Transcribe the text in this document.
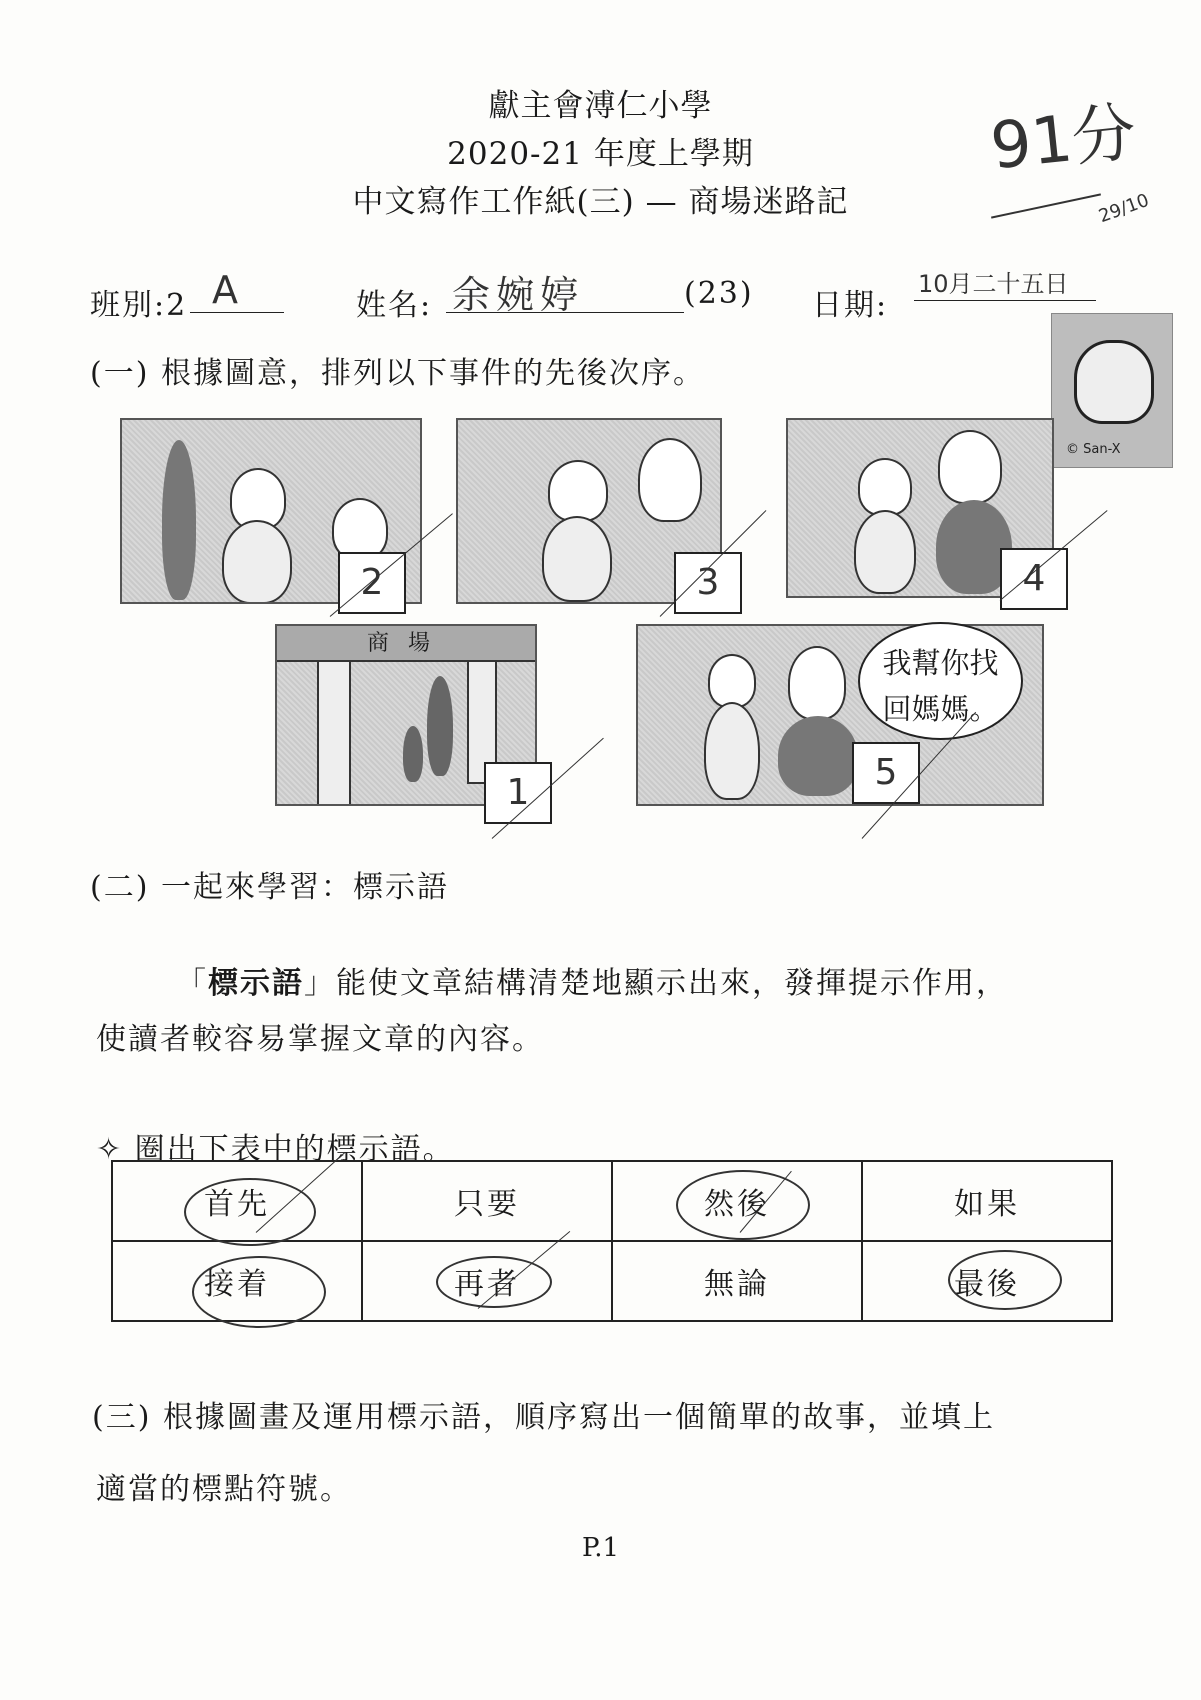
獻主會溥仁小學
2020-21 年度上學期
中文寫作工作紙(三) — 商場迷路記
91分
29/10
班別:2 A	姓名: 余婉婷	(23) 日期:
10月二十五日
© San-X
(一) 根據圖意，排列以下事件的先後次序。
2	3	4
商 場
1
我幫你找
回媽媽。
5
(二) 一起來學習：標示語
「標示語」能使文章結構清楚地顯示出來，發揮提示作用，
使讀者較容易掌握文章的內容。
✧ 圈出下表中的標示語。
首先	只要	然後	如果
接着	再者	無論	最後
(三) 根據圖畫及運用標示語，順序寫出一個簡單的故事，並填上
適當的標點符號。
P.1
